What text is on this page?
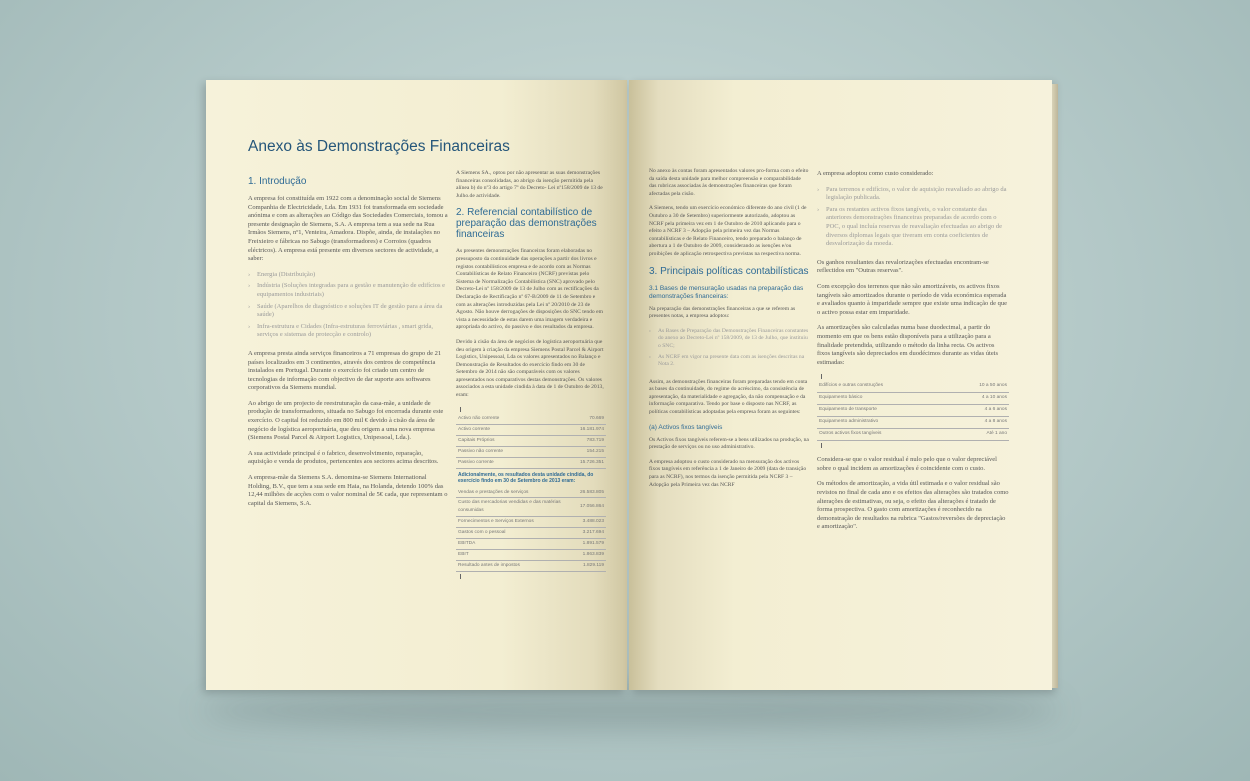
Anexo às Demonstrações Financeiras
1. Introdução

A empresa foi constituída em 1922 com a denominação social de Siemens Companhia de Electricidade, Lda. Em 1931 foi transformada em sociedade anónima e com as alterações ao Código das Sociedades Comerciais, tomou a presente designação de Siemens, S.A. A empresa tem a sua sede na Rua Irmãos Siemens, nº1, Venteira, Amadora. Dispõe, ainda, de instalações no Freixieiro e fábricas no Sabugo (transformadores) e Corroios (quadros eléctricos). A empresa está presente em diversos sectores de actividade, a saber:

› Energia (Distribuição)
› Indústria (Soluções integradas para a gestão e manutenção de edifícios e equipamentos industriais)
› Saúde (Aparelhos de diagnóstico e soluções IT de gestão para a área da saúde)
› Infra-estrutura e Cidades (Infra-estruturas ferroviárias , smart grida, serviços e sistemas de protecção e controlo)

A empresa presta ainda serviços financeiros a 71 empresas do grupo de 21 países localizados em 3 continentes, através dos centros de competência instalados em Portugal. Durante o exercício foi criado um centro de tecnologias de informação com objectivo de dar suporte aos softwares corporativos da Siemens mundial.

Ao abrigo de um projecto de reestruturação da casa-mãe, a unidade de produção de transformadores, situada no Sabugo foi encerrada durante este exercício. O capital foi reduzido em 800 mil € devido à cisão da área de negócio de logística aeroportuária, que deu origem a uma nova empresa (Siemens Postal Parcel & Airport Logistics, Unipessoal, Lda.).

A sua actividade principal é o fabrico, desenvolvimento, reparação, aquisição e venda de produtos, pertencentes aos sectores acima descritos.

A empresa-mãe da Siemens S.A. denomina-se Siemens International Holding, B.V., que tem a sua sede em Haia, na Holanda, detendo 100% das 12,44 milhões de acções com o valor nominal de 5€ cada, que representam o capital da Siemens, S.A.

A Siemens SA., optou por não apresentar as suas demonstrações financeiras consolidadas, ao abrigo da isenção permitida pela alínea b) do nº3 do artigo 7º do Decreto- Lei nº158/2009 de 13 de Julho.de actividade.

2. Referencial contabilístico de preparação das demonstrações financeiras

As presentes demonstrações financeiras foram elaboradas no pressuposto da continuidade das operações a partir dos livros e registos contabilísticos empresa e de acordo com as Normas Contabilísticas de Relato Financeiro (NCRF) previstas pelo Sistema de Normalização Contabilística (SNC) aprovado pelo Decreto-Lei nº 158/2009 de 13 de Julho com as rectificações da Declaração de Rectificação nº 67-B/2009 de 11 de Setembro e com as alterações introduzidas pela Lei nº 20/2010 de 23 de Agosto. Não houve derrogações de disposições do SNC tendo em vista a necessidade de estas darem uma imagem verdadeira e apropriada do activo, do passivo e dos resultados da empresa.

Devido à cisão da área de negócios de logística aeroportuária que deu origem à criação da empresa Siemens Postal Parcel & Airport Logistics, Unipessoal, Lda os valores apresentados no Balanço e Demonstração de Resultados do exercício findo em 30 de Setembro de 2014 não são comparáveis com os valores apresentados nos comparativos destas demonstrações. Os valores associados a esta unidade cindida à data de 1 de Outubro de 2013, eram:

Activo não corrente	70.669
Activo corrente	16.181.974
Capitais Próprios	783.719
Passivo não corrente	154.215
Passivo corrente	15.726.351
Adicionalmente, os resultados desta unidade cindida, do exercício findo em 30 de Setembro de 2013 eram:
Vendas e prestações de serviços	26.583.805
Custo das mercadorias vendidas e das matérias consumidas	17.056.864
Fornecimentos e Serviços Externos	3.488.023
Gastos com o pessoal	3.217.694
EBITDA	1.891.579
EBIT	1.863.839
Resultado antes de impostos	1.829.119

No anexo às contas foram apresentados valores pro-forma com o efeito da saída desta unidade para melhor compreensão e comparabilidade das rubricas associadas às demonstrações financeiras que foram afectadas pela cisão.

A Siemens, tendo um exercício económico diferente do ano civil (1 de Outubro a 30 de Setembro) superiormente autorizado, adoptou as NCRF pela primeira vez em 1 de Outubro de 2010 aplicando para o efeito a NCRF 3 – Adopção pela primeira vez das Normas contabilísticas e de Relato Financeiro, tendo preparado o balanço de abertura a 1 de Outubro de 2009, considerando as isenções e/ou proibições de aplicação retrospectiva previstas na respectiva norma.

3. Principais políticas contabilísticas
3.1 Bases de mensuração usadas na preparação das demonstrações financeiras:

Na preparação das demonstrações financeiras a que se referem as presentes notas, a empresa adoptou:

› As Bases de Preparação das Demonstrações Financeiras constantes do anexo ao Decreto-Lei nº 158/2009, de 13 de Julho, que instituiu o SNC;
› As NCRF em vigor na presente data com as isenções descritas na Nota 2.

Assim, as demonstrações financeiras foram preparadas tendo em conta as bases da continuidade, do regime do acréscimo, da consistência de apresentação, da materialidade e agregação, da não compensação e da informação comparativa. Tendo por base o disposto nas NCRF, as políticas contabilísticas adoptadas pela empresa foram as seguintes:

(a) Activos fixos tangíveis

Os Activos fixos tangíveis referem-se a bens utilizados na produção, na prestação de serviços ou no uso administrativo.

A empresa adoptou o custo considerado na mensuração dos activos fixos tangíveis em referência a 1 de Janeiro de 2009 (data de transição para as NCRF), nos termos da isenção permitida pela NCRF 3 – Adopção pela Primeira vez das NCRF

A empresa adoptou como custo considerado:

› Para terrenos e edifícios, o valor de aquisição reavaliado ao abrigo da legislação publicada.
› Para os restantes activos fixos tangíveis, o valor constante das anteriores demonstrações financeiras preparadas de acordo com o POC, o qual incluía reservas de reavaliação efectuadas ao abrigo de diversos diplomas legais que tiveram em conta coeficientes de desvalorização da moeda.

Os ganhos resultantes das revalorizações efectuadas encontram-se reflectidos em "Outras reservas".

Com excepção dos terrenos que não são amortizáveis, os activos fixos tangíveis são amortizados durante o período de vida económica esperada e avaliados quanto à imparidade sempre que existe uma indicação de que o activo possa estar em imparidade.

As amortizações são calculadas numa base duodecimal, a partir do momento em que os bens estão disponíveis para a utilização para a finalidade pretendida, utilizando o método da linha recta. Os activos fixos tangíveis são depreciados em duodécimos durante as vidas úteis estimadas:

Edifícios e outras construções	10 a 50 anos
Equipamento básico	4 a 10 anos
Equipamento de transporte	4 a 6 anos
Equipamento administrativo	4 a 8 anos
Outros activos fixos tangíveis	Até 1 ano

Considera-se que o valor residual é nulo pelo que o valor depreciável sobre o qual incidem as amortizações é coincidente com o custo.

Os métodos de amortização, a vida útil estimada e o valor residual são revistos no final de cada ano e os efeitos das alterações são tratados como alterações de estimativas, ou seja, o efeito das alterações é tratado de forma prospectiva. O gasto com amortizações é reconhecido na demonstração de resultados na rubrica "Gastos/reversões de depreciação e amortização".
